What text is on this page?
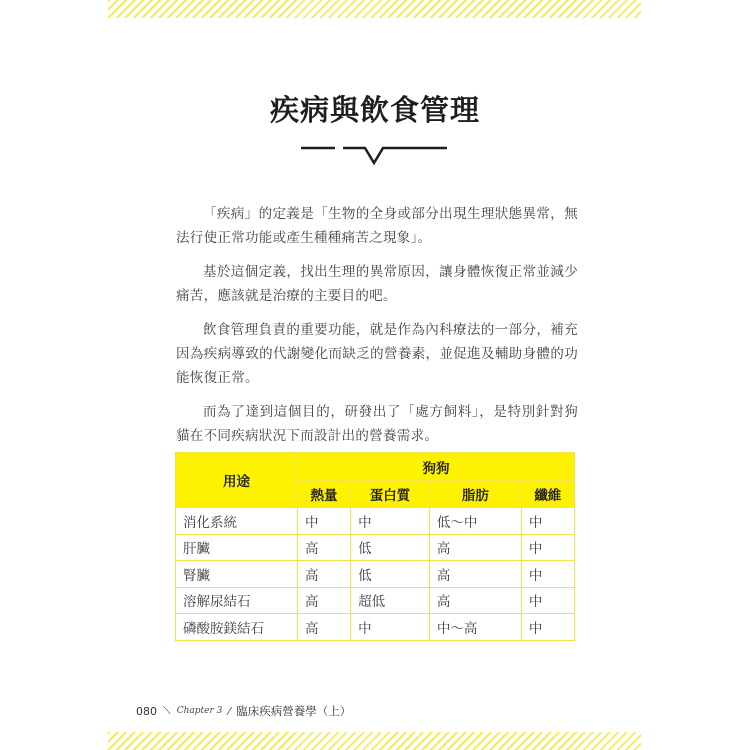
疾病與飲食管理

「疾病」的定義是「生物的全身或部分出現生理狀態異常，無法行使正常功能或產生種種痛苦之現象」。

基於這個定義，找出生理的異常原因，讓身體恢復正常並減少痛苦，應該就是治療的主要目的吧。

飲食管理負責的重要功能，就是作為內科療法的一部分，補充因為疾病導致的代謝變化而缺乏的營養素，並促進及輔助身體的功能恢復正常。

而為了達到這個目的，研發出了「處方飼料」，是特別針對狗貓在不同疾病狀況下而設計出的營養需求。

用途	狗狗			
	熱量	蛋白質	脂肪	纖維
消化系統	中	中	低〜中	中
肝臟	高	低	高	中
腎臟	高	低	高	中
溶解尿結石	高	超低	高	中
磷酸胺鎂結石	高	中	中〜高	中
080 ⟍ Chapter 3 ⁄ 臨床疾病營養學（上）
